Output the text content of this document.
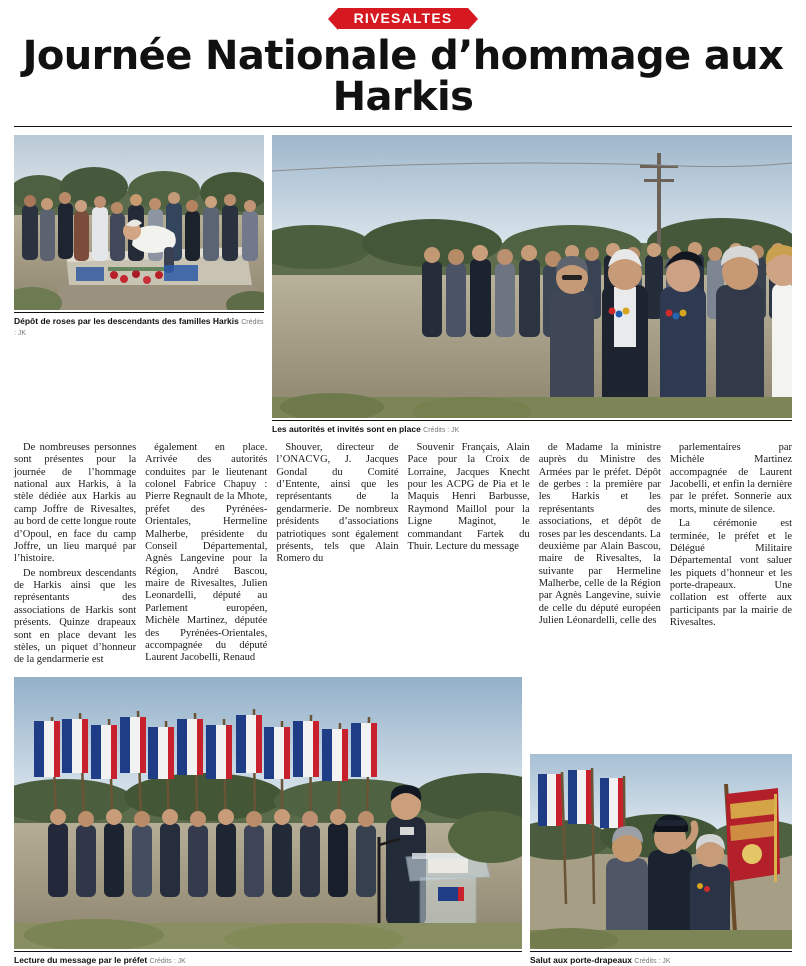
RIVESALTES
Journée Nationale d’hommage aux Harkis
Dépôt de roses par les descendants des familles Harkis Crédits : JK
Les autorités et invités sont en place Crédits : JK

De nombreuses personnes sont présentes pour la journée de l’hommage national aux Harkis, à la stèle dédiée aux Harkis au camp Joffre de Rivesaltes, au bord de cette longue route d’Opoul, en face du camp Joffre, un lieu marqué par l’histoire.

De nombreux descendants de Harkis ainsi que les représentants des associations de Harkis sont présents. Quinze drapeaux sont en place devant les stèles, un piquet d’honneur de la gendarmerie est

également en place. Arrivée des autorités conduites par le lieutenant colonel Fabrice Chapuy : Pierre Regnault de la Mhote, préfet des Pyrénées-Orientales, Hermeline Malherbe, présidente du Conseil Départemental, Agnès Langevine pour la Région, André Bascou, maire de Rivesaltes, Julien Leonardelli, député au Parlement européen, Michèle Martinez, députée des Pyrénées-Orientales, accompagnée du député Laurent Jacobelli, Renaud

Shouver, directeur de l’ONACVG, J. Jacques Gondal du Comité d’Entente, ainsi que les représentants de la gendarmerie. De nombreux présidents d’associations patriotiques sont également présents, tels que Alain Romero du

Souvenir Français, Alain Pace pour la Croix de Lorraine, Jacques Knecht pour les ACPG de Pia et le Maquis Henri Barbusse, Raymond Maillol pour la Ligne Maginot, le commandant Fartek du Thuir. Lecture du message

de Madame la ministre auprès du Ministre des Armées par le préfet. Dépôt de gerbes : la première par les Harkis et les représentants des associations, et dépôt de roses par les descendants. La deuxième par Alain Bascou, maire de Rivesaltes, la suivante par Hermeline Malherbe, celle de la Région par Agnès Langevine, suivie de celle du député européen Julien Léonardelli, celle des

parlementaires par Michèle Martinez accompagnée de Laurent Jacobelli, et enfin la dernière par le préfet. Sonnerie aux morts, minute de silence.

La cérémonie est terminée, le préfet et le Délégué Militaire Départemental vont saluer les piquets d’honneur et les porte-drapeaux. Une collation est offerte aux participants par la mairie de Rivesaltes.

Lecture du message par le préfet Crédits : JK	Salut aux porte-drapeaux Crédits : JK
